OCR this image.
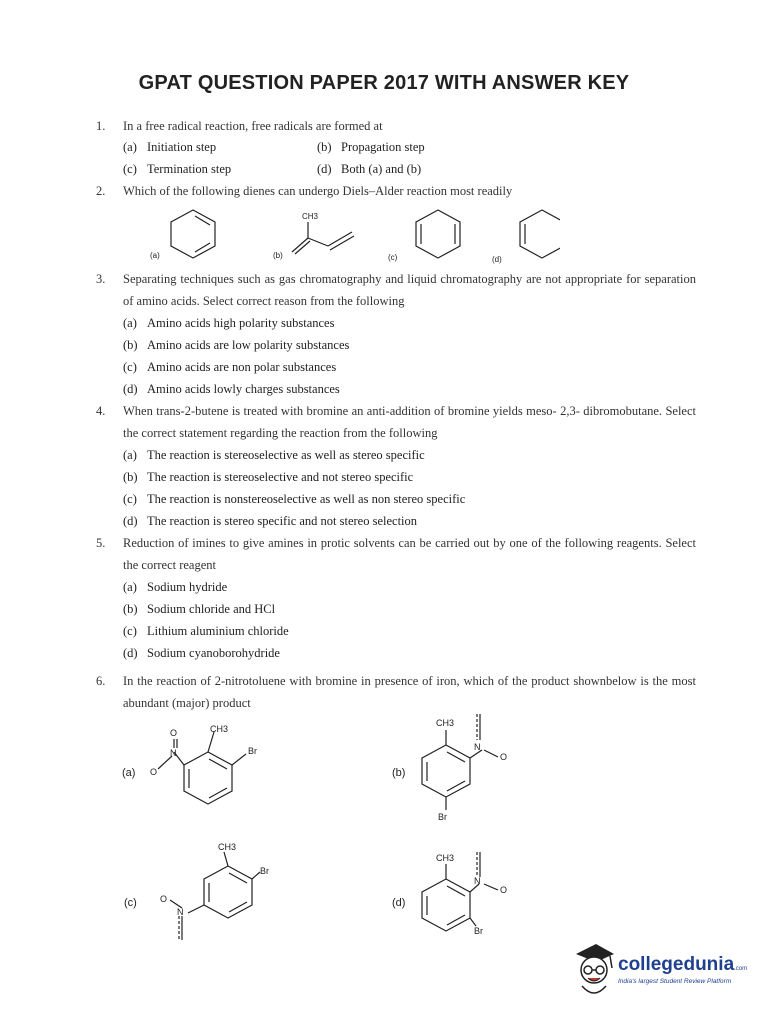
GPAT QUESTION PAPER 2017 WITH ANSWER KEY
1.	In a free radical reaction, free radicals are formed at
(a) Initiation step	(b) Propagation step
(c) Termination step	(d) Both (a) and (b)
2.	Which of the following dienes can undergo Diels–Alder reaction most readily
(a)	(b)
CH3
(c)	(d)
3.	Separating techniques such as gas chromatography and liquid chromatography are not appropriate for separation of amino acids. Select correct reason from the following
(a) Amino acids high polarity substances
(b) Amino acids are low polarity substances
(c) Amino acids are non polar substances
(d) Amino acids lowly charges substances
4.	When trans-2-butene is treated with bromine an anti-addition of bromine yields meso- 2,3- dibromobutane. Select the correct statement regarding the reaction from the following
(a) The reaction is stereoselective as well as stereo specific
(b) The reaction is stereoselective and not stereo specific
(c) The reaction is nonstereoselective as well as non stereo specific
(d) The reaction is stereo specific and not stereo selection
5.	Reduction of imines to give amines in protic solvents can be carried out by one of the following reagents. Select the correct reagent
(a) Sodium hydride
(b) Sodium chloride and HCl
(c) Lithium aluminium chloride
(d) Sodium cyanoborohydride
6.	In the reaction of 2-nitrotoluene with bromine in presence of iron, which of the product shownbelow is the most abundant (major) product
(a)
O
N
O
CH3
Br
(b)
CH3
N
O
Br
(c)
CH3
Br
O
N
(d)
CH3
N
O
Br
collegedunia.com
India's largest Student Review Platform
